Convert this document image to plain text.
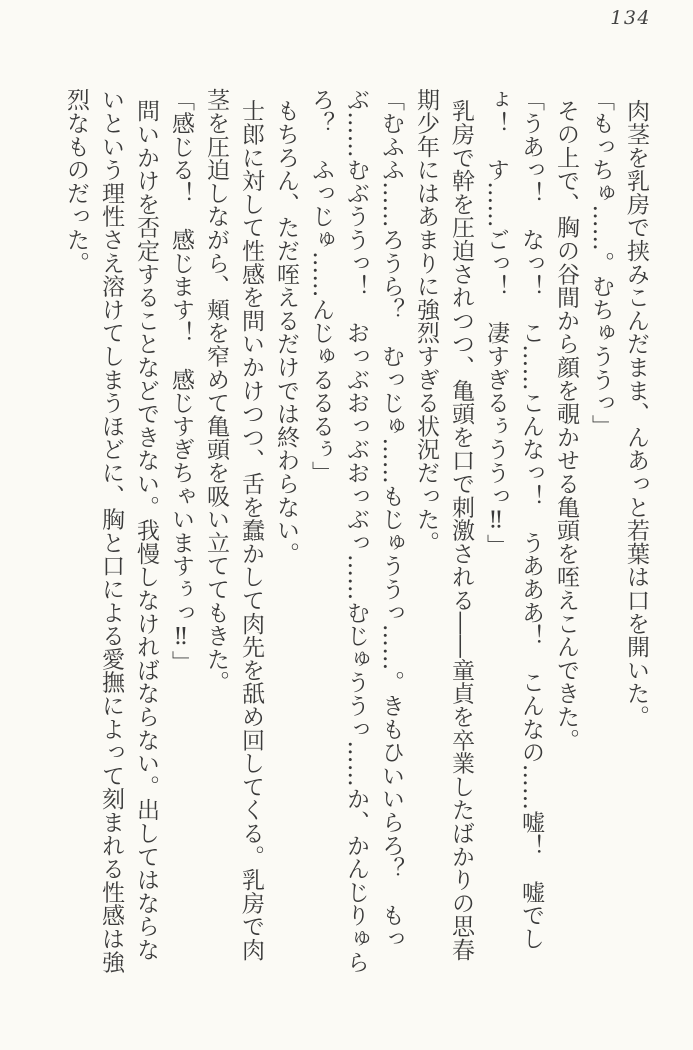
134

肉茎を乳房で挟みこんだまま、んあっと若葉は口を開いた。

「もっちゅ……。むちゅううっ」

その上で、胸の谷間から顔を覗かせる亀頭を咥えこんできた。

「うあっ！　なっ！　こ……こんなっ！　うあああ！　こんなの……嘘！　嘘でしょ！　す……ごっ！　凄すぎるぅううっ‼」

乳房で幹を圧迫されつつ、亀頭を口で刺激される――童貞を卒業したばかりの思春期少年にはあまりに強烈すぎる状況だった。

「むふふ……ろうら？　むっじゅ……もじゅううっ……。きもひいいらろ？　もっぶ……むぶううっ！　おっぶおっぶおっぶっ……むじゅううっ……か、かんじりゅらろ？　ふっじゅ……んじゅるるるぅ」

もちろん、ただ咥えるだけでは終わらない。

士郎に対して性感を問いかけつつ、舌を蠢かして肉先を舐め回してくる。乳房で肉茎を圧迫しながら、頬を窄めて亀頭を吸い立ててもきた。

「感じる！　感じます！　感じすぎちゃいますぅっ‼」

問いかけを否定することなどできない。我慢しなければならない。出してはならないという理性さえ溶けてしまうほどに、胸と口による愛撫によって刻まれる性感は強烈なものだった。
